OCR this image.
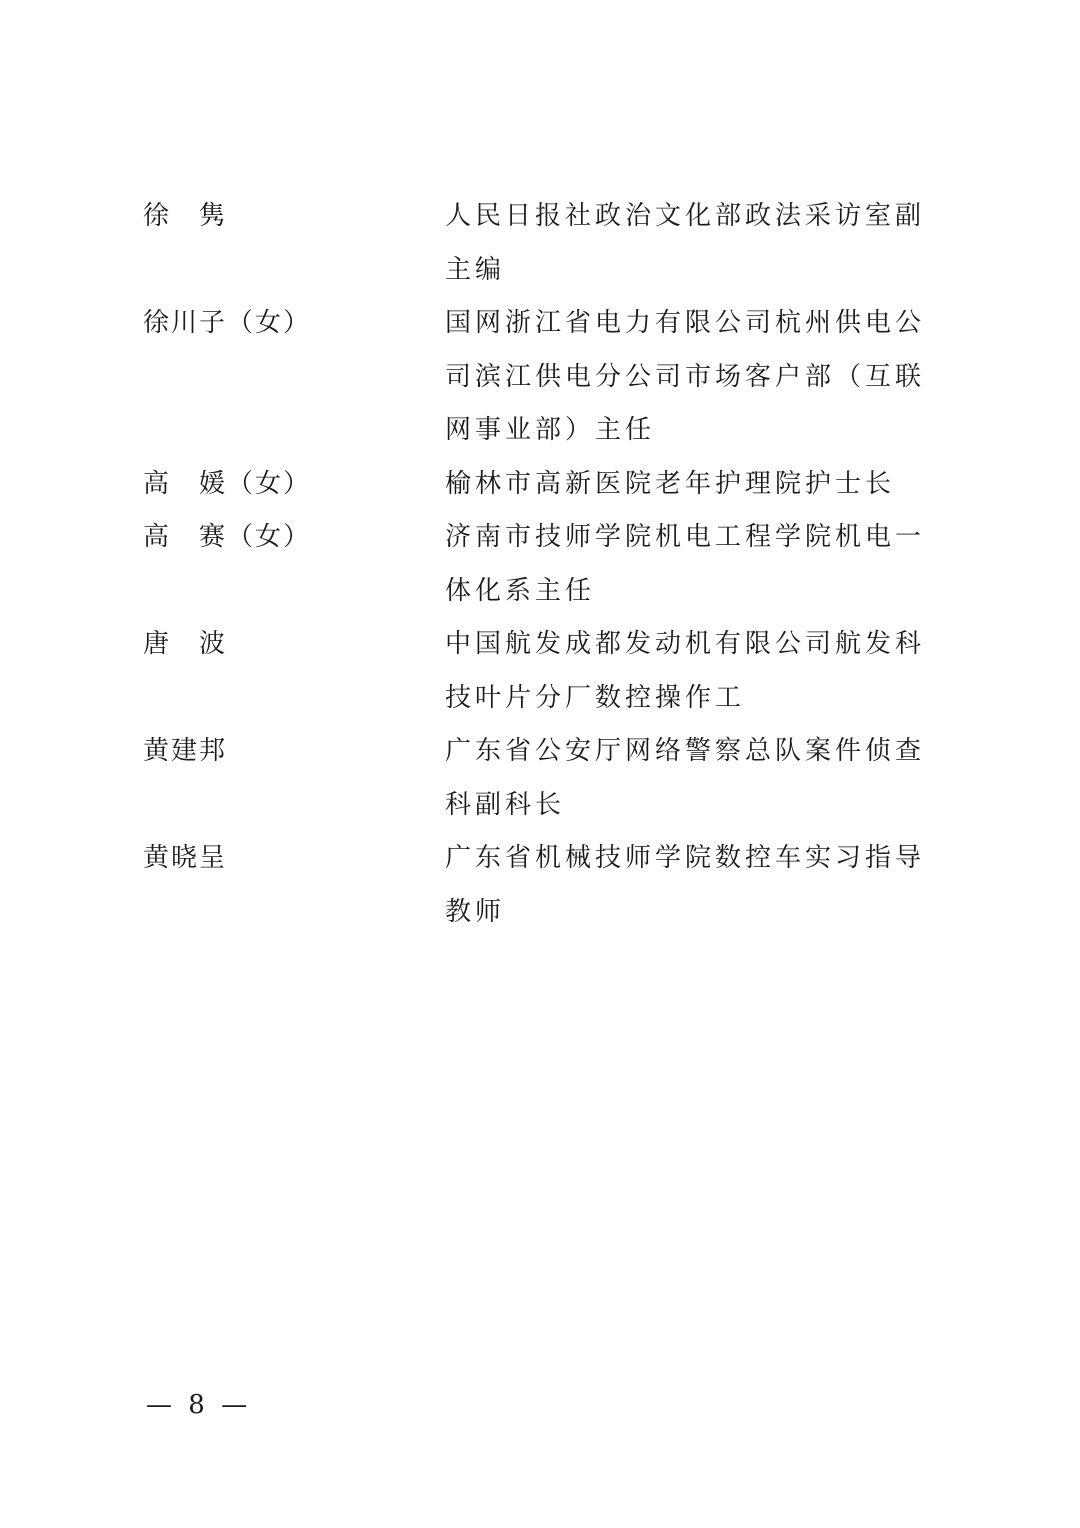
徐　隽	人民日报社政治文化部政法采访室副主编
徐川子（女）	国网浙江省电力有限公司杭州供电公司滨江供电分公司市场客户部（互联网事业部）主任
高　媛（女）	榆林市高新医院老年护理院护士长
高　赛（女）	济南市技师学院机电工程学院机电一体化系主任
唐　波	中国航发成都发动机有限公司航发科技叶片分厂数控操作工
黄建邦	广东省公安厅网络警察总队案件侦查科副科长
黄晓呈	广东省机械技师学院数控车实习指导教师
— 8 —
